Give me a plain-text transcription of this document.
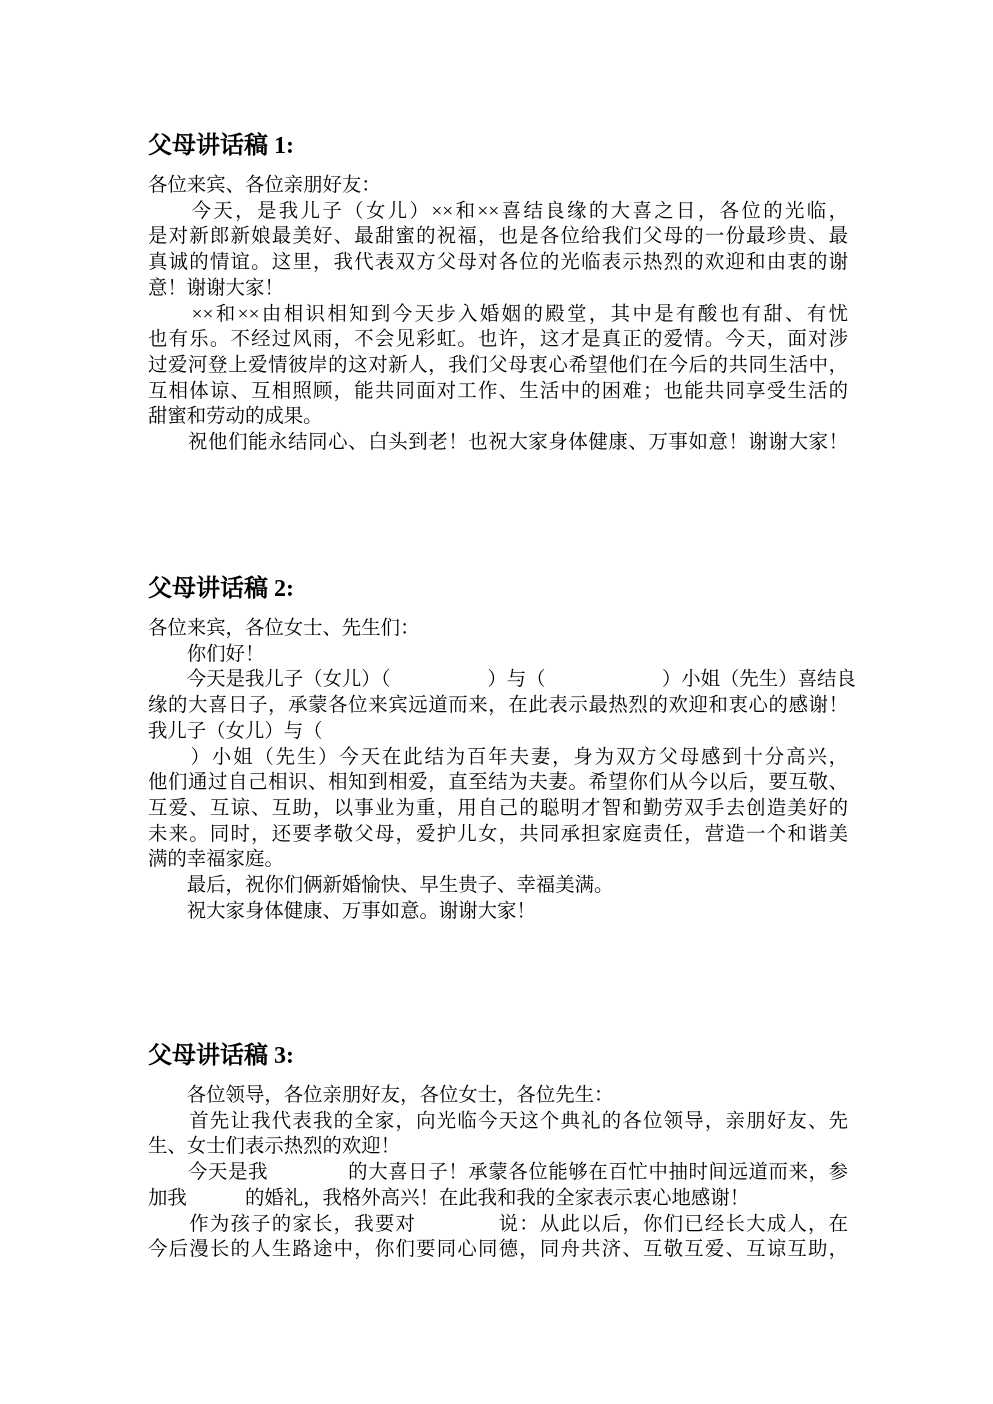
父母讲话稿 1:
各位来宾、各位亲朋好友：
　　今天，是我儿子（女儿）××和××喜结良缘的大喜之日，各位的光临，
是对新郎新娘最美好、最甜蜜的祝福，也是各位给我们父母的一份最珍贵、最
真诚的情谊。这里，我代表双方父母对各位的光临表示热烈的欢迎和由衷的谢
意！谢谢大家！
　　××和××由相识相知到今天步入婚姻的殿堂，其中是有酸也有甜、有忧
也有乐。不经过风雨，不会见彩虹。也许，这才是真正的爱情。今天，面对涉
过爱河登上爱情彼岸的这对新人，我们父母衷心希望他们在今后的共同生活中，
互相体谅、互相照顾，能共同面对工作、生活中的困难；也能共同享受生活的
甜蜜和劳动的成果。
　　祝他们能永结同心、白头到老！也祝大家身体健康、万事如意！谢谢大家！
父母讲话稿 2:
各位来宾，各位女士、先生们：
　　你们好！
　　今天是我儿子（女儿）（　　　　　）与（　　　　　　）小姐（先生）喜结良
缘的大喜日子，承蒙各位来宾远道而来，在此表示最热烈的欢迎和衷心的感谢！
我儿子（女儿）与（
　　）小姐（先生）今天在此结为百年夫妻，身为双方父母感到十分高兴，
他们通过自己相识、相知到相爱，直至结为夫妻。希望你们从今以后，要互敬、
互爱、互谅、互助，以事业为重，用自己的聪明才智和勤劳双手去创造美好的
未来。同时，还要孝敬父母，爱护儿女，共同承担家庭责任，营造一个和谐美
满的幸福家庭。
　　最后，祝你们俩新婚愉快、早生贵子、幸福美满。
　　祝大家身体健康、万事如意。谢谢大家！
父母讲话稿 3:
　　各位领导，各位亲朋好友，各位女士，各位先生：
　　首先让我代表我的全家，向光临今天这个典礼的各位领导，亲朋好友、先
生、女士们表示热烈的欢迎！
　　今天是我　　　　的大喜日子！承蒙各位能够在百忙中抽时间远道而来，参
加我　　　的婚礼，我格外高兴！在此我和我的全家表示衷心地感谢！
　　作为孩子的家长，我要对　　　　说：从此以后，你们已经长大成人，在
今后漫长的人生路途中，你们要同心同德，同舟共济、互敬互爱、互谅互助，
